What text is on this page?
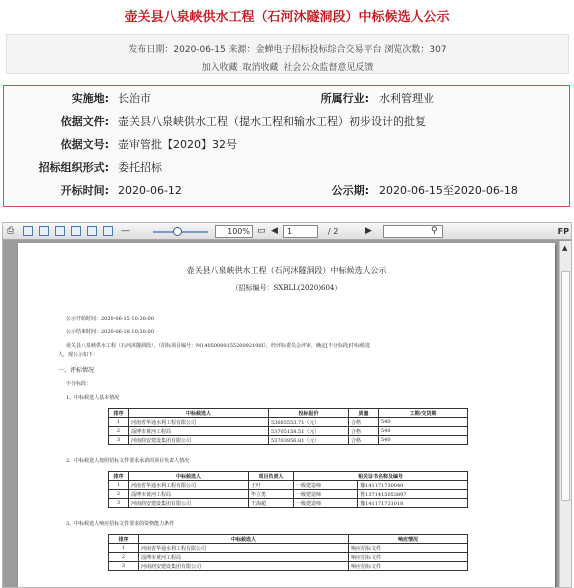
壶关县八泉峡供水工程（石河沐隧洞段）中标候选人公示
发布日期：2020-06-15 来源：金蝉电子招标投标综合交易平台 浏览次数：307
加入收藏 取消收藏 社会公众监督意见反馈
实施地: 长治市	所属行业: 水利管理业
依据文件: 壶关县八泉峡供水工程（提水工程和输水工程）初步设计的批复
依据文号: 壶审管批【2020】32号
招标组织形式: 委托招标
开标时间: 2020-06-12	公示期: 2020-06-15至2020-06-18
⎙	—	100% ▭ ◀	1	/ 2	▶	⚲	FP
壶关县八泉峡供水工程（石河沐隧洞段）中标候选人公示
（招标编号：SXBLL(2020)604）
公示开始时间：2020-06-15 10:30:00
公示结束时间：2020-06-18 10:30:00
壶关县八泉峡供水工程（石河沐隧洞段），（招标项目编号：M1405000015520092100I），经评标委员会评审，确定[不分标段]中标候选
人，现公示如下：
一、评标情况
不分标段：
1、中标候选人基本情况
排序	中标候选人	投标报价	质量	工期/交货期
1	河南省华通水利工程有限公司	53685553.71（元）	合格	540
2	淄博市黄河工程局	53705158.51（元）	合格	540
3	河南润安建设集团有限公司	53703956.81（元）	合格	540
2、中标候选人按照招标文件要求承诺的项目负责人情况
排序	中标候选人	项目负责人	相关证书名称及编号	
1	河南省华通水利工程有限公司	王叶	一级建造师	豫141171730040
2	淄博市黄河工程局	毕立勇	一级建造师	鲁1371415053897
3	河南润安建设集团有限公司	王海超	一级建造师	豫141171731018
3、中标候选人响应招标文件要求的资格能力条件
排序	中标候选人	响应情况
1	河南省华通水利工程有限公司	响应招标文件
2	淄博市黄河工程局	响应招标文件
3	河南润安建设集团有限公司	响应招标文件
▲
